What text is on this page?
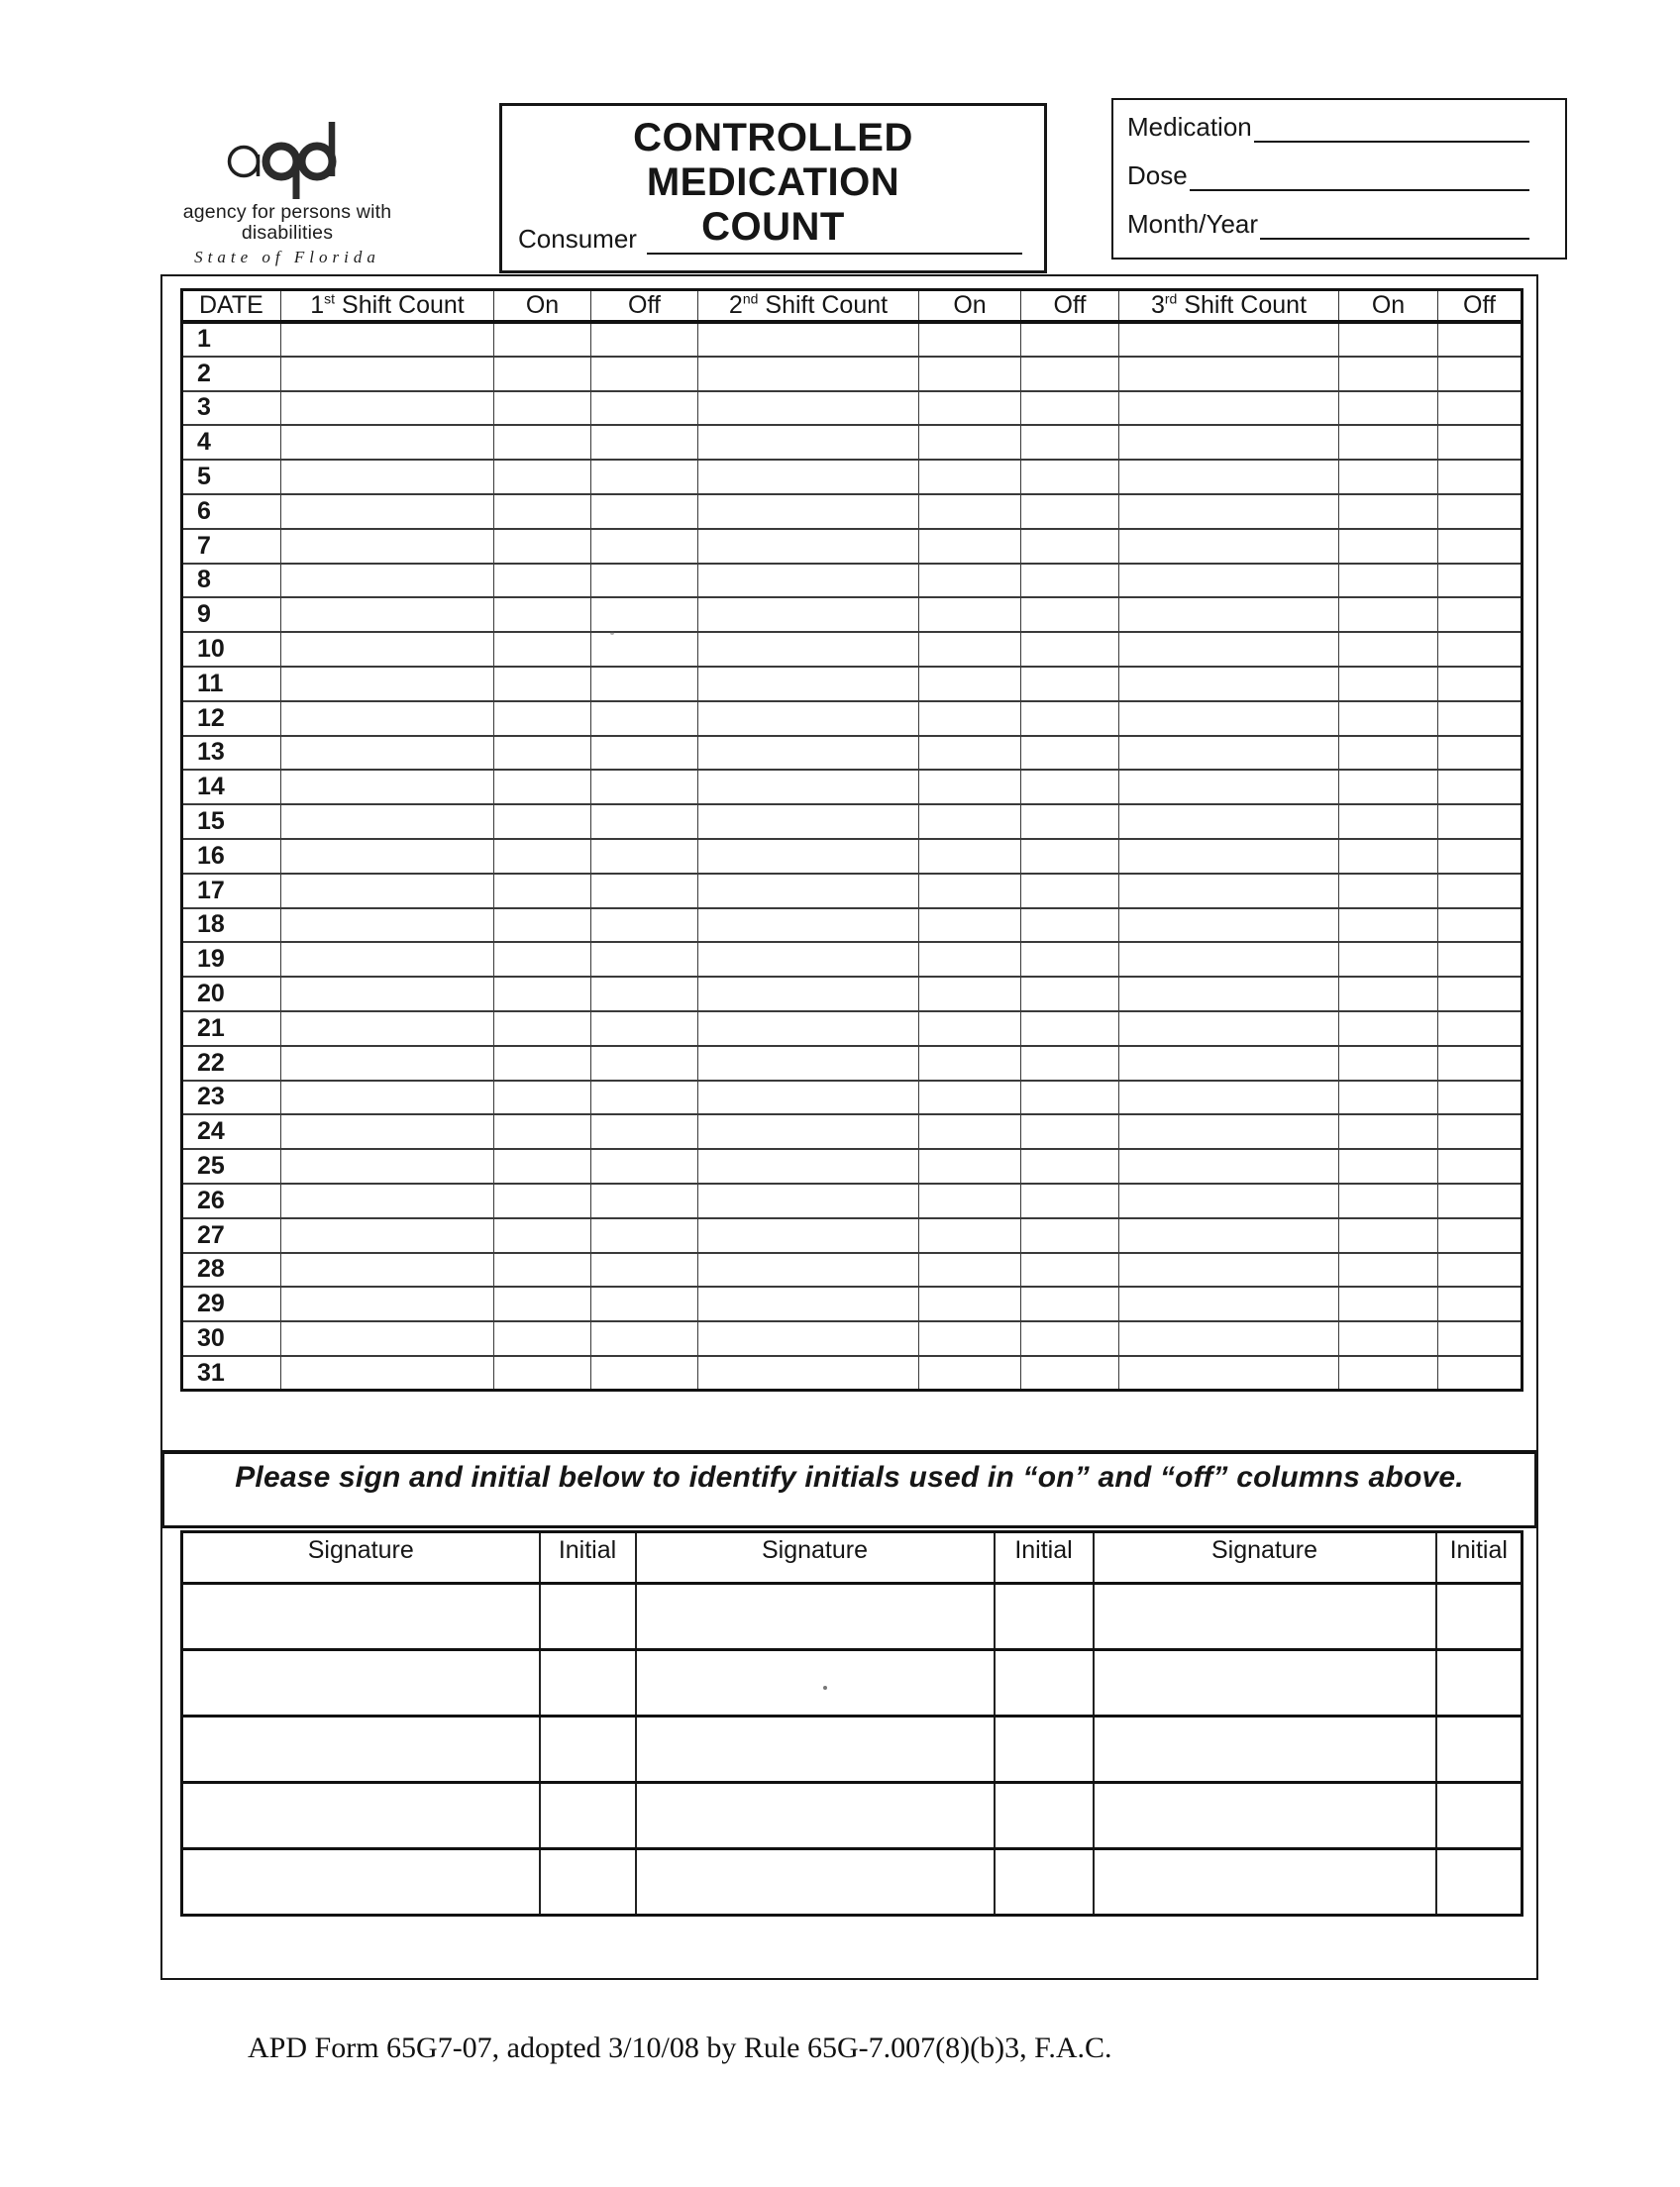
agency for persons with disabilities
State of Florida
CONTROLLED MEDICATION
COUNT
Consumer
Medication
Dose
Month/Year
DATE	1st Shift Count	On	Off	2nd Shift Count	On	Off	3rd Shift Count	On	Off
1									
2									
3									
4									
5									
6									
7									
8									
9									
10									
11									
12									
13									
14									
15									
16									
17									
18									
19									
20									
21									
22									
23									
24									
25									
26									
27									
28									
29									
30									
31									
Please sign and initial below to identify initials used in “on” and “off” columns above.
Signature	Initial	Signature	Initial	Signature	Initial

APD Form 65G7-07, adopted 3/10/08 by Rule 65G-7.007(8)(b)3, F.A.C.
